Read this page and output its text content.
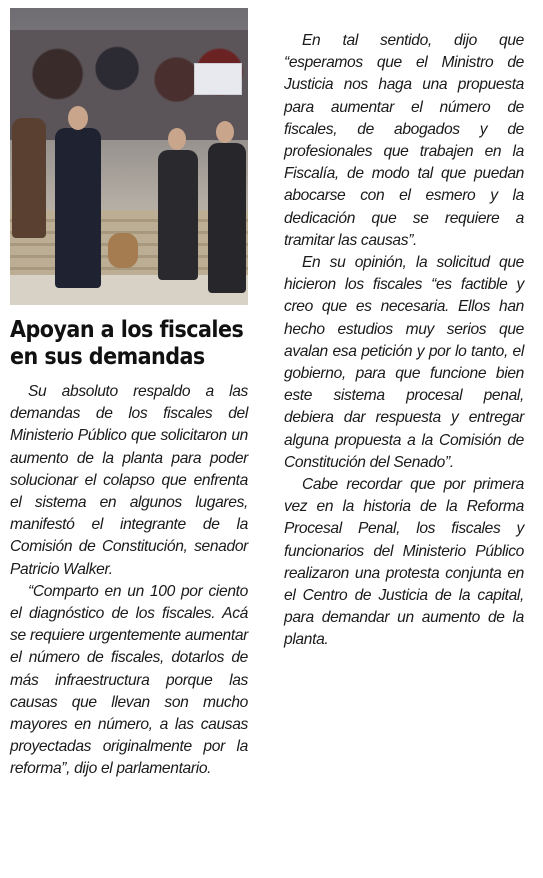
Apoyan a los fiscales
en sus demandas

Su absoluto respaldo a las demandas de los fiscales del Ministerio Público que solicitaron un aumento de la planta para poder solucionar el colapso que enfrenta el sistema en algunos lugares, manifestó el integrante de la Comisión de Constitución, senador Patricio Walker.

“Comparto en un 100 por ciento el diagnóstico de los fiscales. Acá se requiere urgentemente aumentar el número de fiscales, dotarlos de más infraestructura porque las causas que llevan son mucho mayores en número, a las causas proyectadas originalmente por la reforma”, dijo el parlamentario.

En tal sentido, dijo que “esperamos que el Ministro de Justicia nos haga una propuesta para aumentar el número de fiscales, de abogados y de profesionales que trabajen en la Fiscalía, de modo tal que puedan abocarse con el esmero y la dedicación que se requiere a tramitar las causas”.

En su opinión, la solicitud que hicieron los fiscales “es factible y creo que es necesaria. Ellos han hecho estudios muy serios que avalan esa petición y por lo tanto, el gobierno, para que funcione bien este sistema procesal penal, debiera dar respuesta y entregar alguna propuesta a la Comisión de Constitución del Senado”.

Cabe recordar que por primera vez en la historia de la Reforma Procesal Penal, los fiscales y funcionarios del Ministerio Público realizaron una protesta conjunta en el Centro de Justicia de la capital, para demandar un aumento de la planta.
